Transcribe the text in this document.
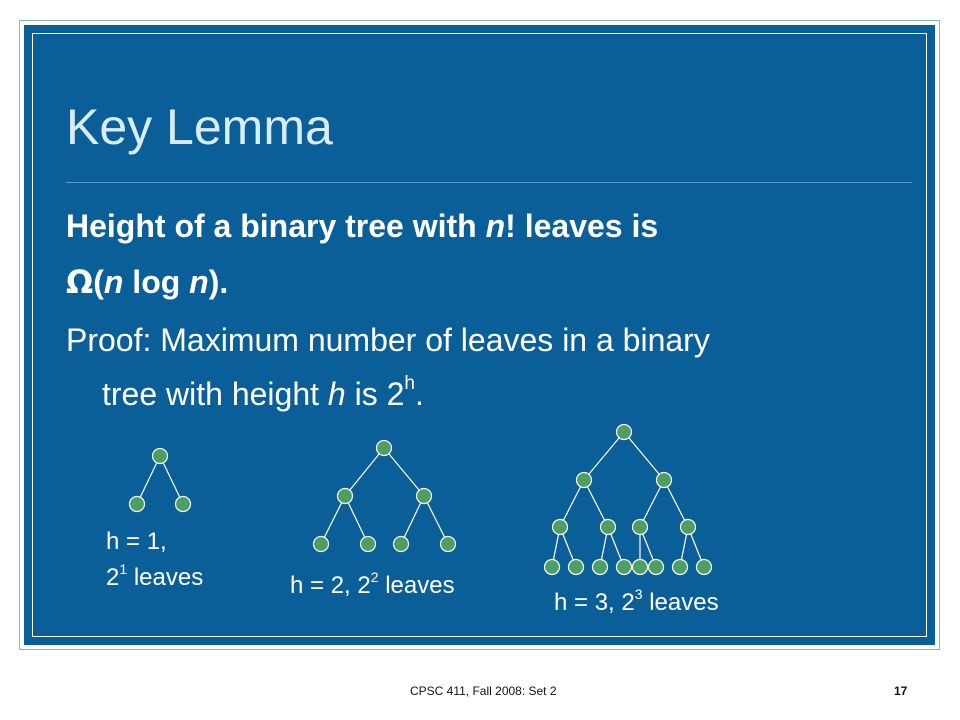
Key Lemma

Height of a binary tree with n! leaves is

Ω(n log n).

Proof: Maximum number of leaves in a binary

tree with height h is 2$^h$.

h = 1,

$2^1$ leaves	h = 2, $2^2$ leaves

h = 3, $2^3$ leaves

CPSC 411, Fall 2008: Set 2	17
